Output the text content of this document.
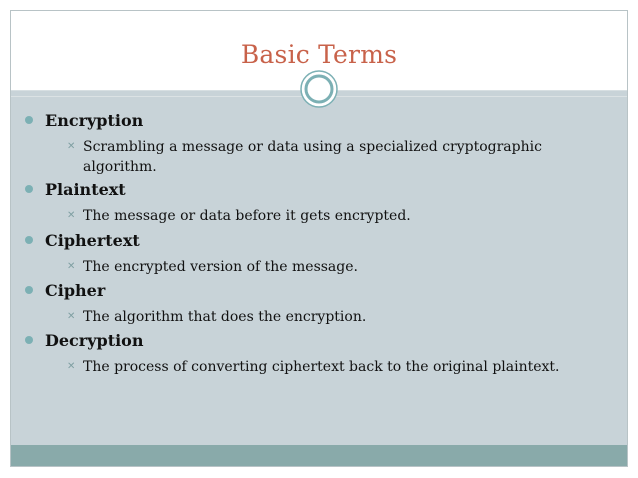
Basic Terms
Encryption
✕ Scrambling a message or data using a specialized cryptographic algorithm.
Plaintext
✕ The message or data before it gets encrypted.
Ciphertext
✕ The encrypted version of the message.
Cipher
✕ The algorithm that does the encryption.
Decryption
✕ The process of converting ciphertext back to the original plaintext.
